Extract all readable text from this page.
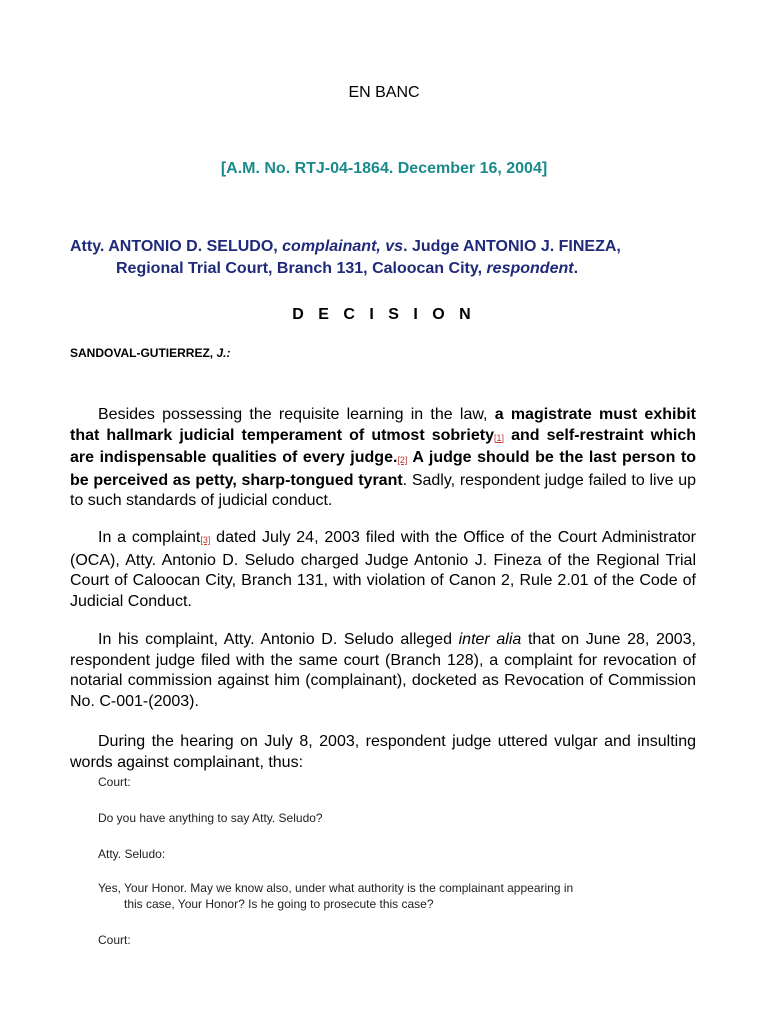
EN BANC
[A.M. No. RTJ-04-1864. December 16, 2004]
Atty. ANTONIO D. SELUDO, complainant, vs. Judge ANTONIO J. FINEZA,
Regional Trial Court, Branch 131, Caloocan City, respondent.
D E C I S I O N
SANDOVAL-GUTIERREZ, J.:

Besides possessing the requisite learning in the law, a magistrate must exhibit that hallmark judicial temperament of utmost sobriety[1] and self-restraint which are indispensable qualities of every judge.[2] A judge should be the last person to be perceived as petty, sharp-tongued tyrant. Sadly, respondent judge failed to live up to such standards of judicial conduct.

In a complaint[3] dated July 24, 2003 filed with the Office of the Court Administrator (OCA), Atty. Antonio D. Seludo charged Judge Antonio J. Fineza of the Regional Trial Court of Caloocan City, Branch 131, with violation of Canon 2, Rule 2.01 of the Code of Judicial Conduct.

In his complaint, Atty. Antonio D. Seludo alleged inter alia that on June 28, 2003, respondent judge filed with the same court (Branch 128), a complaint for revocation of notarial commission against him (complainant), docketed as Revocation of Commission No. C-001-(2003).

During the hearing on July 8, 2003, respondent judge uttered vulgar and insulting words against complainant, thus:

Court:
Do you have anything to say Atty. Seludo?
Atty. Seludo:
Yes, Your Honor. May we know also, under what authority is the complainant appearing in
this case, Your Honor? Is he going to prosecute this case?
Court:
